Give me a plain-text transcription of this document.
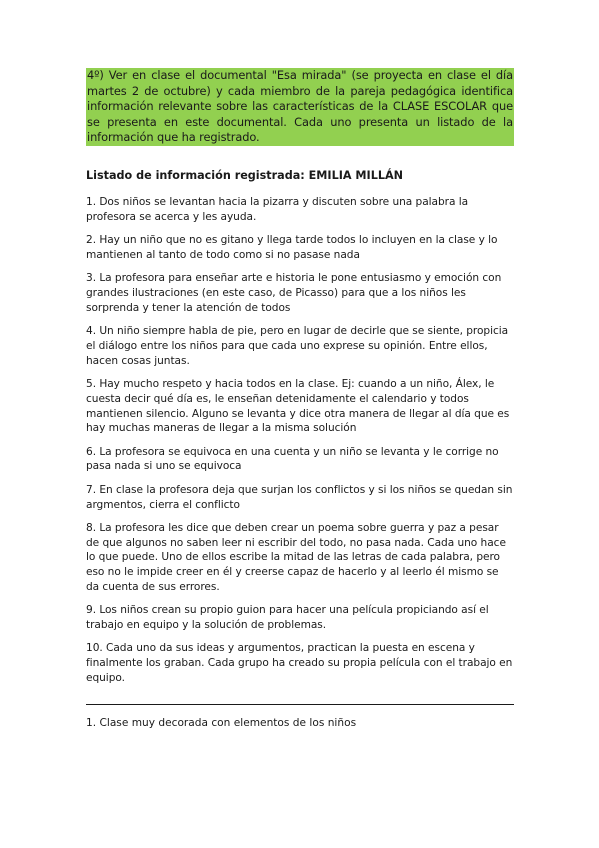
4º) Ver en clase el documental "Esa mirada" (se proyecta en clase el día martes 2 de octubre) y cada miembro de la pareja pedagógica identifica información relevante sobre las características de la CLASE ESCOLAR que se presenta en este documental. Cada uno presenta un listado de la información que ha registrado.

Listado de información registrada: EMILIA MILLÁN

1. Dos niños se levantan hacia la pizarra y discuten sobre una palabra la profesora se acerca y les ayuda.

2. Hay un niño que no es gitano y llega tarde todos lo incluyen en la clase y lo mantienen al tanto de todo como si no pasase nada

3. La profesora para enseñar arte e historia le pone entusiasmo y emoción con grandes ilustraciones (en este caso, de Picasso) para que a los niños les sorprenda y tener la atención de todos

4. Un niño siempre habla de pie, pero en lugar de decirle que se siente, propicia el diálogo entre los niños para que cada uno exprese su opinión. Entre ellos, hacen cosas juntas.

5. Hay mucho respeto y hacia todos en la clase. Ej: cuando a un niño, Álex, le cuesta decir qué día es, le enseñan detenidamente el calendario y todos mantienen silencio. Alguno se levanta y dice otra manera de llegar al día que es hay muchas maneras de llegar a la misma solución

6. La profesora se equivoca en una cuenta y un niño se levanta y le corrige no pasa nada si uno se equivoca

7. En clase la profesora deja que surjan los conflictos y si los niños se quedan sin argmentos, cierra el conflicto

8. La profesora les dice que deben crear un poema sobre guerra y paz a pesar de que algunos no saben leer ni escribir del todo, no pasa nada. Cada uno hace lo que puede. Uno de ellos escribe la mitad de las letras de cada palabra, pero eso no le impide creer en él y creerse capaz de hacerlo y al leerlo él mismo se da cuenta de sus errores.

9. Los niños crean su propio guion para hacer una película propiciando así el trabajo en equipo y la solución de problemas.

10. Cada uno da sus ideas y argumentos, practican la puesta en escena y finalmente los graban. Cada grupo ha creado su propia película con el trabajo en equipo.

1. Clase muy decorada con elementos de los niños
